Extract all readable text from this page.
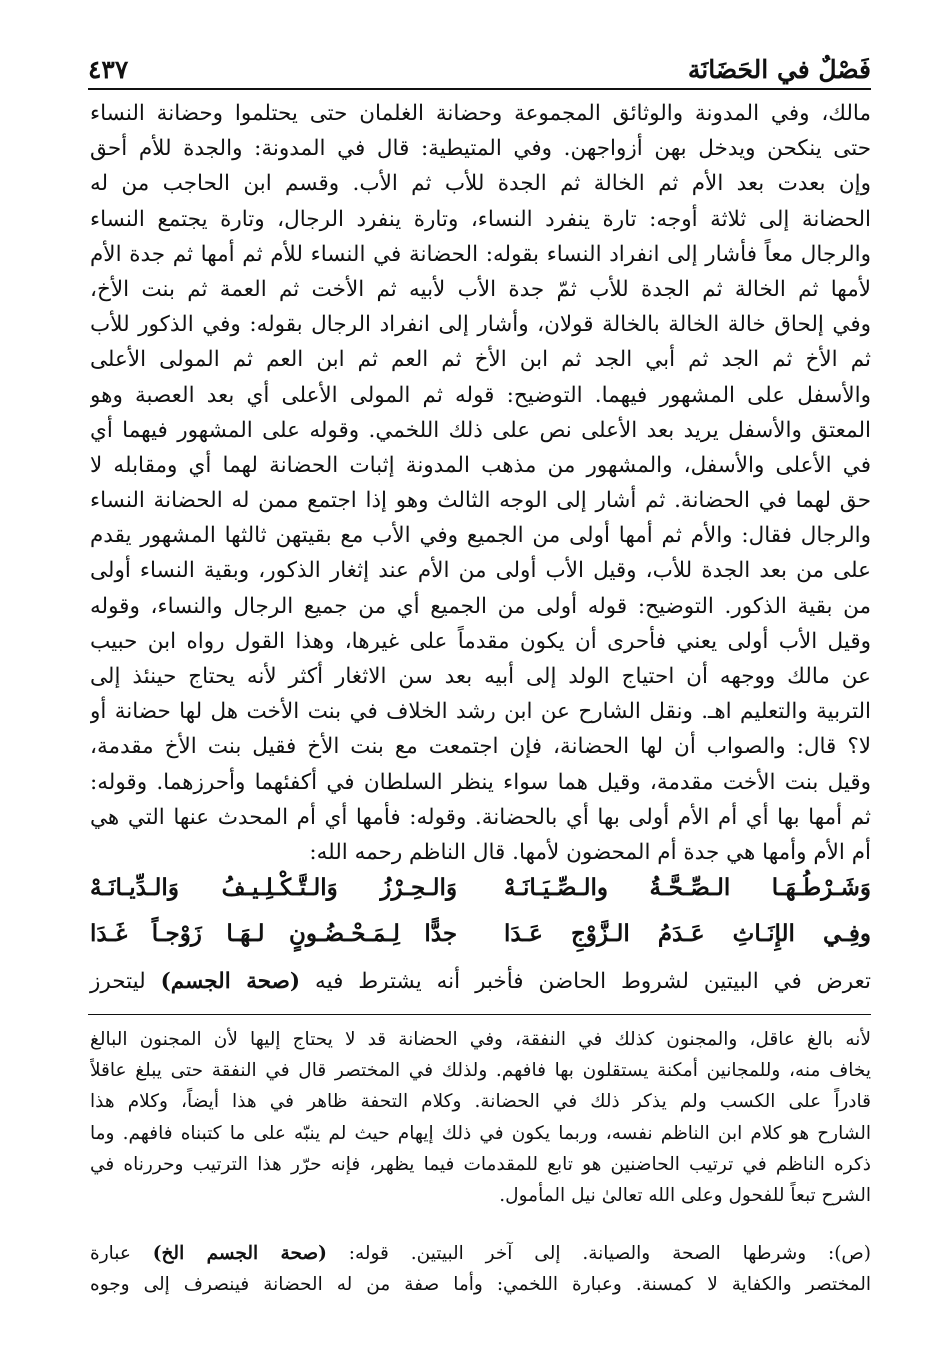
فَصْلٌ في الحَضَانَة
٤٣٧
مالك، وفي المدونة والوثائق المجموعة وحضانة الغلمان حتى يحتلموا وحضانة النساء
حتى ينكحن ويدخل بهن أزواجهن. وفي المتيطية: قال في المدونة: والجدة للأم أحق
وإن بعدت بعد الأم ثم الخالة ثم الجدة للأب ثم الأب. وقسم ابن الحاجب من له
الحضانة إلى ثلاثة أوجه: تارة ينفرد النساء، وتارة ينفرد الرجال، وتارة يجتمع النساء
والرجال معاً فأشار إلى انفراد النساء بقوله: الحضانة في النساء للأم ثم أمها ثم جدة الأم
لأمها ثم الخالة ثم الجدة للأب ثمّ جدة الأب لأبيه ثم الأخت ثم العمة ثم بنت الأخ،
وفي إلحاق خالة الخالة بالخالة قولان، وأشار إلى انفراد الرجال بقوله: وفي الذكور للأب
ثم الأخ ثم الجد ثم أبي الجد ثم ابن الأخ ثم العم ثم ابن العم ثم المولى الأعلى
والأسفل على المشهور فيهما. التوضيح: قوله ثم المولى الأعلى أي بعد العصبة وهو
المعتق والأسفل يريد بعد الأعلى نص على ذلك اللخمي. وقوله على المشهور فيهما أي
في الأعلى والأسفل، والمشهور من مذهب المدونة إثبات الحضانة لهما أي ومقابله لا
حق لهما في الحضانة. ثم أشار إلى الوجه الثالث وهو إذا اجتمع ممن له الحضانة النساء
والرجال فقال: والأم ثم أمها أولى من الجميع وفي الأب مع بقيتهن ثالثها المشهور يقدم
على من بعد الجدة للأب، وقيل الأب أولى من الأم عند إثغار الذكور، وبقية النساء أولى
من بقية الذكور. التوضيح: قوله أولى من الجميع أي من جميع الرجال والنساء، وقوله
وقيل الأب أولى يعني فأحرى أن يكون مقدماً على غيرها، وهذا القول رواه ابن حبيب
عن مالك ووجهه أن احتياج الولد إلى أبيه بعد سن الاثغار أكثر لأنه يحتاج حينئذ إلى
التربية والتعليم اهـ. ونقل الشارح عن ابن رشد الخلاف في بنت الأخت هل لها حضانة أو
لا؟ قال: والصواب أن لها الحضانة، فإن اجتمعت مع بنت الأخ فقيل بنت الأخ مقدمة،
وقيل بنت الأخت مقدمة، وقيل هما سواء ينظر السلطان في أكفئهما وأحرزهما. وقوله:
ثم أمها بها أي أم الأم أولى بها أي بالحضانة. وقوله: فأمها أي أم المحدث عنها التي هي
أم الأم وأمها هي جدة أم المحضون لأمها. قال الناظم رحمه الله:
وَشَـرْطُـهَـا الـصِّـحَّـةُ والـصِّـيَـانَـهْ
وَالـحِـرْزُ وَالـتَّـكْـلِـيـفُ وَالـدِّيـانَـهْ
وفِـي الإِنَـاثِ عَـدَمُ الـزَّوْجِ عَـدَا
جدًّا لِـمَـحْـضُـونٍ لـهَـا زَوْجـاً غَـدَا
تعرض في البيتين لشروط الحاضن فأخبر أنه يشترط فيه (صحة الجسم) ليتحرز
لأنه بالغ عاقل، والمجنون كذلك في النفقة، وفي الحضانة قد لا يحتاج إليها لأن المجنون البالغ
يخاف منه، وللمجانين أمكنة يستقلون بها فافهم. ولذلك في المختصر قال في النفقة حتى يبلغ عاقلاً
قادراً على الكسب ولم يذكر ذلك في الحضانة. وكلام التحفة ظاهر في هذا أيضاً، وكلام هذا
الشارح هو كلام ابن الناظم نفسه، وربما يكون في ذلك إيهام حيث لم ينبّه على ما كتبناه فافهم. وما
ذكره الناظم في ترتيب الحاضنين هو تابع للمقدمات فيما يظهر، فإنه حرّر هذا الترتيب وحررناه في
الشرح تبعاً للفحول وعلى الله تعالىٰ نيل المأمول.
(ص): وشرطها الصحة والصيانة. إلى آخر البيتين. قوله: (صحة الجسم الخ) عبارة
المختصر والكفاية لا كمسنة. وعبارة اللخمي: وأما صفة من له الحضانة فينصرف إلى وجوه
